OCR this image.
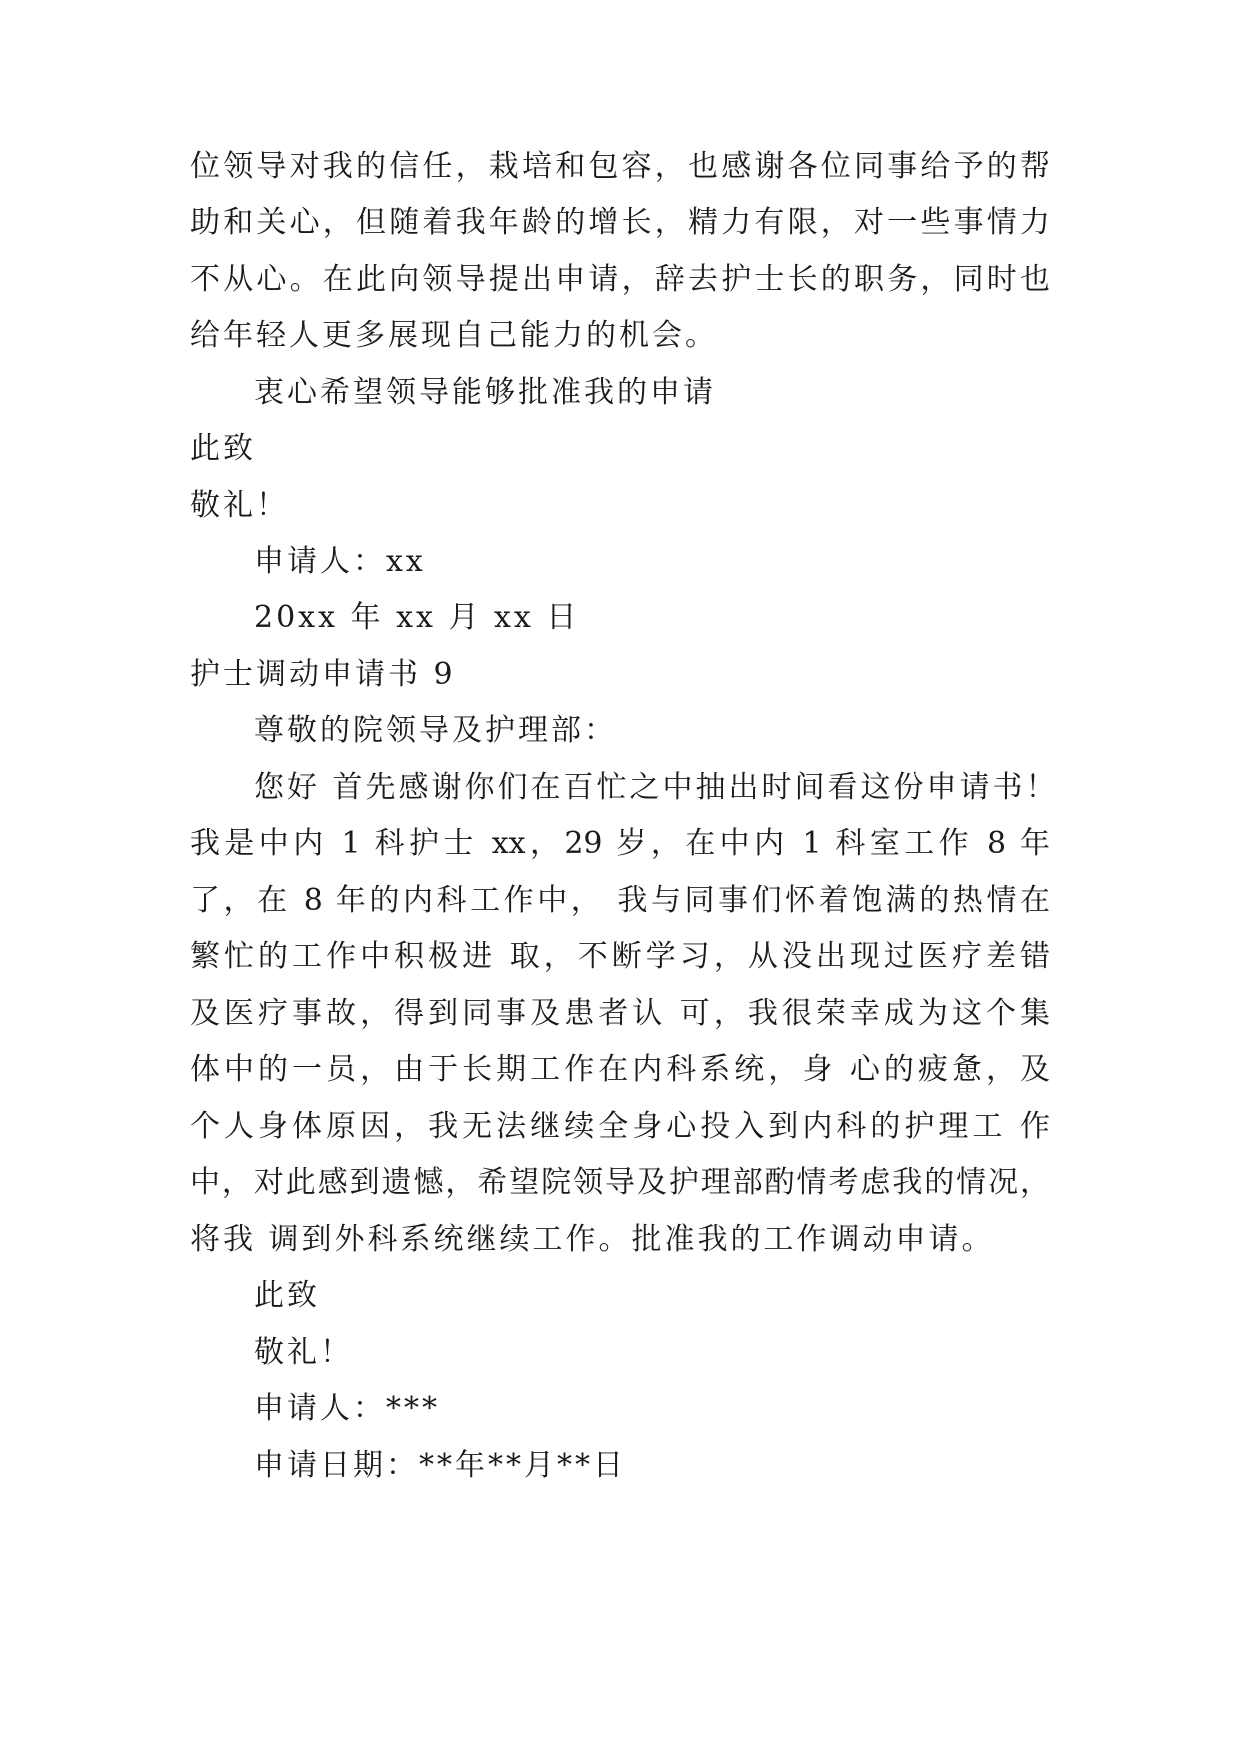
位领导对我的信任，栽培和包容，也感谢各位同事给予的帮
助和关心，但随着我年龄的增长，精力有限，对一些事情力
不从心。在此向领导提出申请，辞去护士长的职务，同时也
给年轻人更多展现自己能力的机会。
衷心希望领导能够批准我的申请
此致
敬礼！
申请人：xx
20xx 年 xx 月 xx 日
护士调动申请书 9
尊敬的院领导及护理部：
您好 首先感谢你们在百忙之中抽出时间看这份申请书！
我是中内 1 科护士 xx，29 岁，在中内 1 科室工作 8 年
了，在 8 年的内科工作中， 我与同事们怀着饱满的热情在
繁忙的工作中积极进 取，不断学习，从没出现过医疗差错
及医疗事故，得到同事及患者认 可，我很荣幸成为这个集
体中的一员，由于长期工作在内科系统，身 心的疲惫，及
个人身体原因，我无法继续全身心投入到内科的护理工 作
中，对此感到遗憾，希望院领导及护理部酌情考虑我的情况，
将我 调到外科系统继续工作。批准我的工作调动申请。
此致
敬礼！
申请人：***
申请日期：**年**月**日
